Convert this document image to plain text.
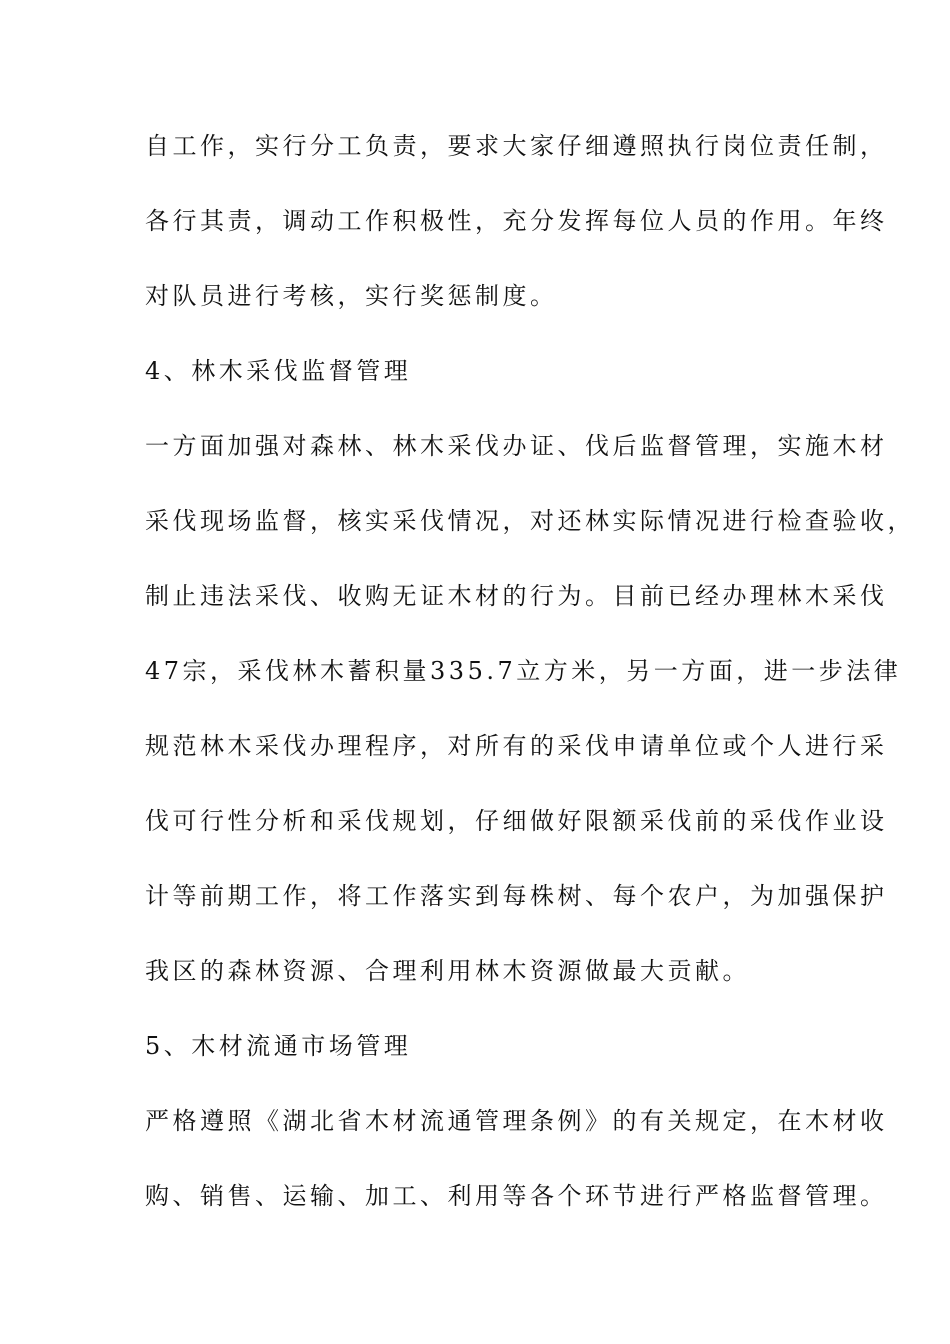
自工作，实行分工负责，要求大家仔细遵照执行岗位责任制，
各行其责，调动工作积极性，充分发挥每位人员的作用。年终
对队员进行考核，实行奖惩制度。
4、林木采伐监督管理
一方面加强对森林、林木采伐办证、伐后监督管理，实施木材
采伐现场监督，核实采伐情况，对还林实际情况进行检查验收，
制止违法采伐、收购无证木材的行为。目前已经办理林木采伐
47宗，采伐林木蓄积量335.7立方米，另一方面，进一步法律
规范林木采伐办理程序，对所有的采伐申请单位或个人进行采
伐可行性分析和采伐规划，仔细做好限额采伐前的采伐作业设
计等前期工作，将工作落实到每株树、每个农户，为加强保护
我区的森林资源、合理利用林木资源做最大贡献。
5、木材流通市场管理
严格遵照《湖北省木材流通管理条例》的有关规定，在木材收
购、销售、运输、加工、利用等各个环节进行严格监督管理。
